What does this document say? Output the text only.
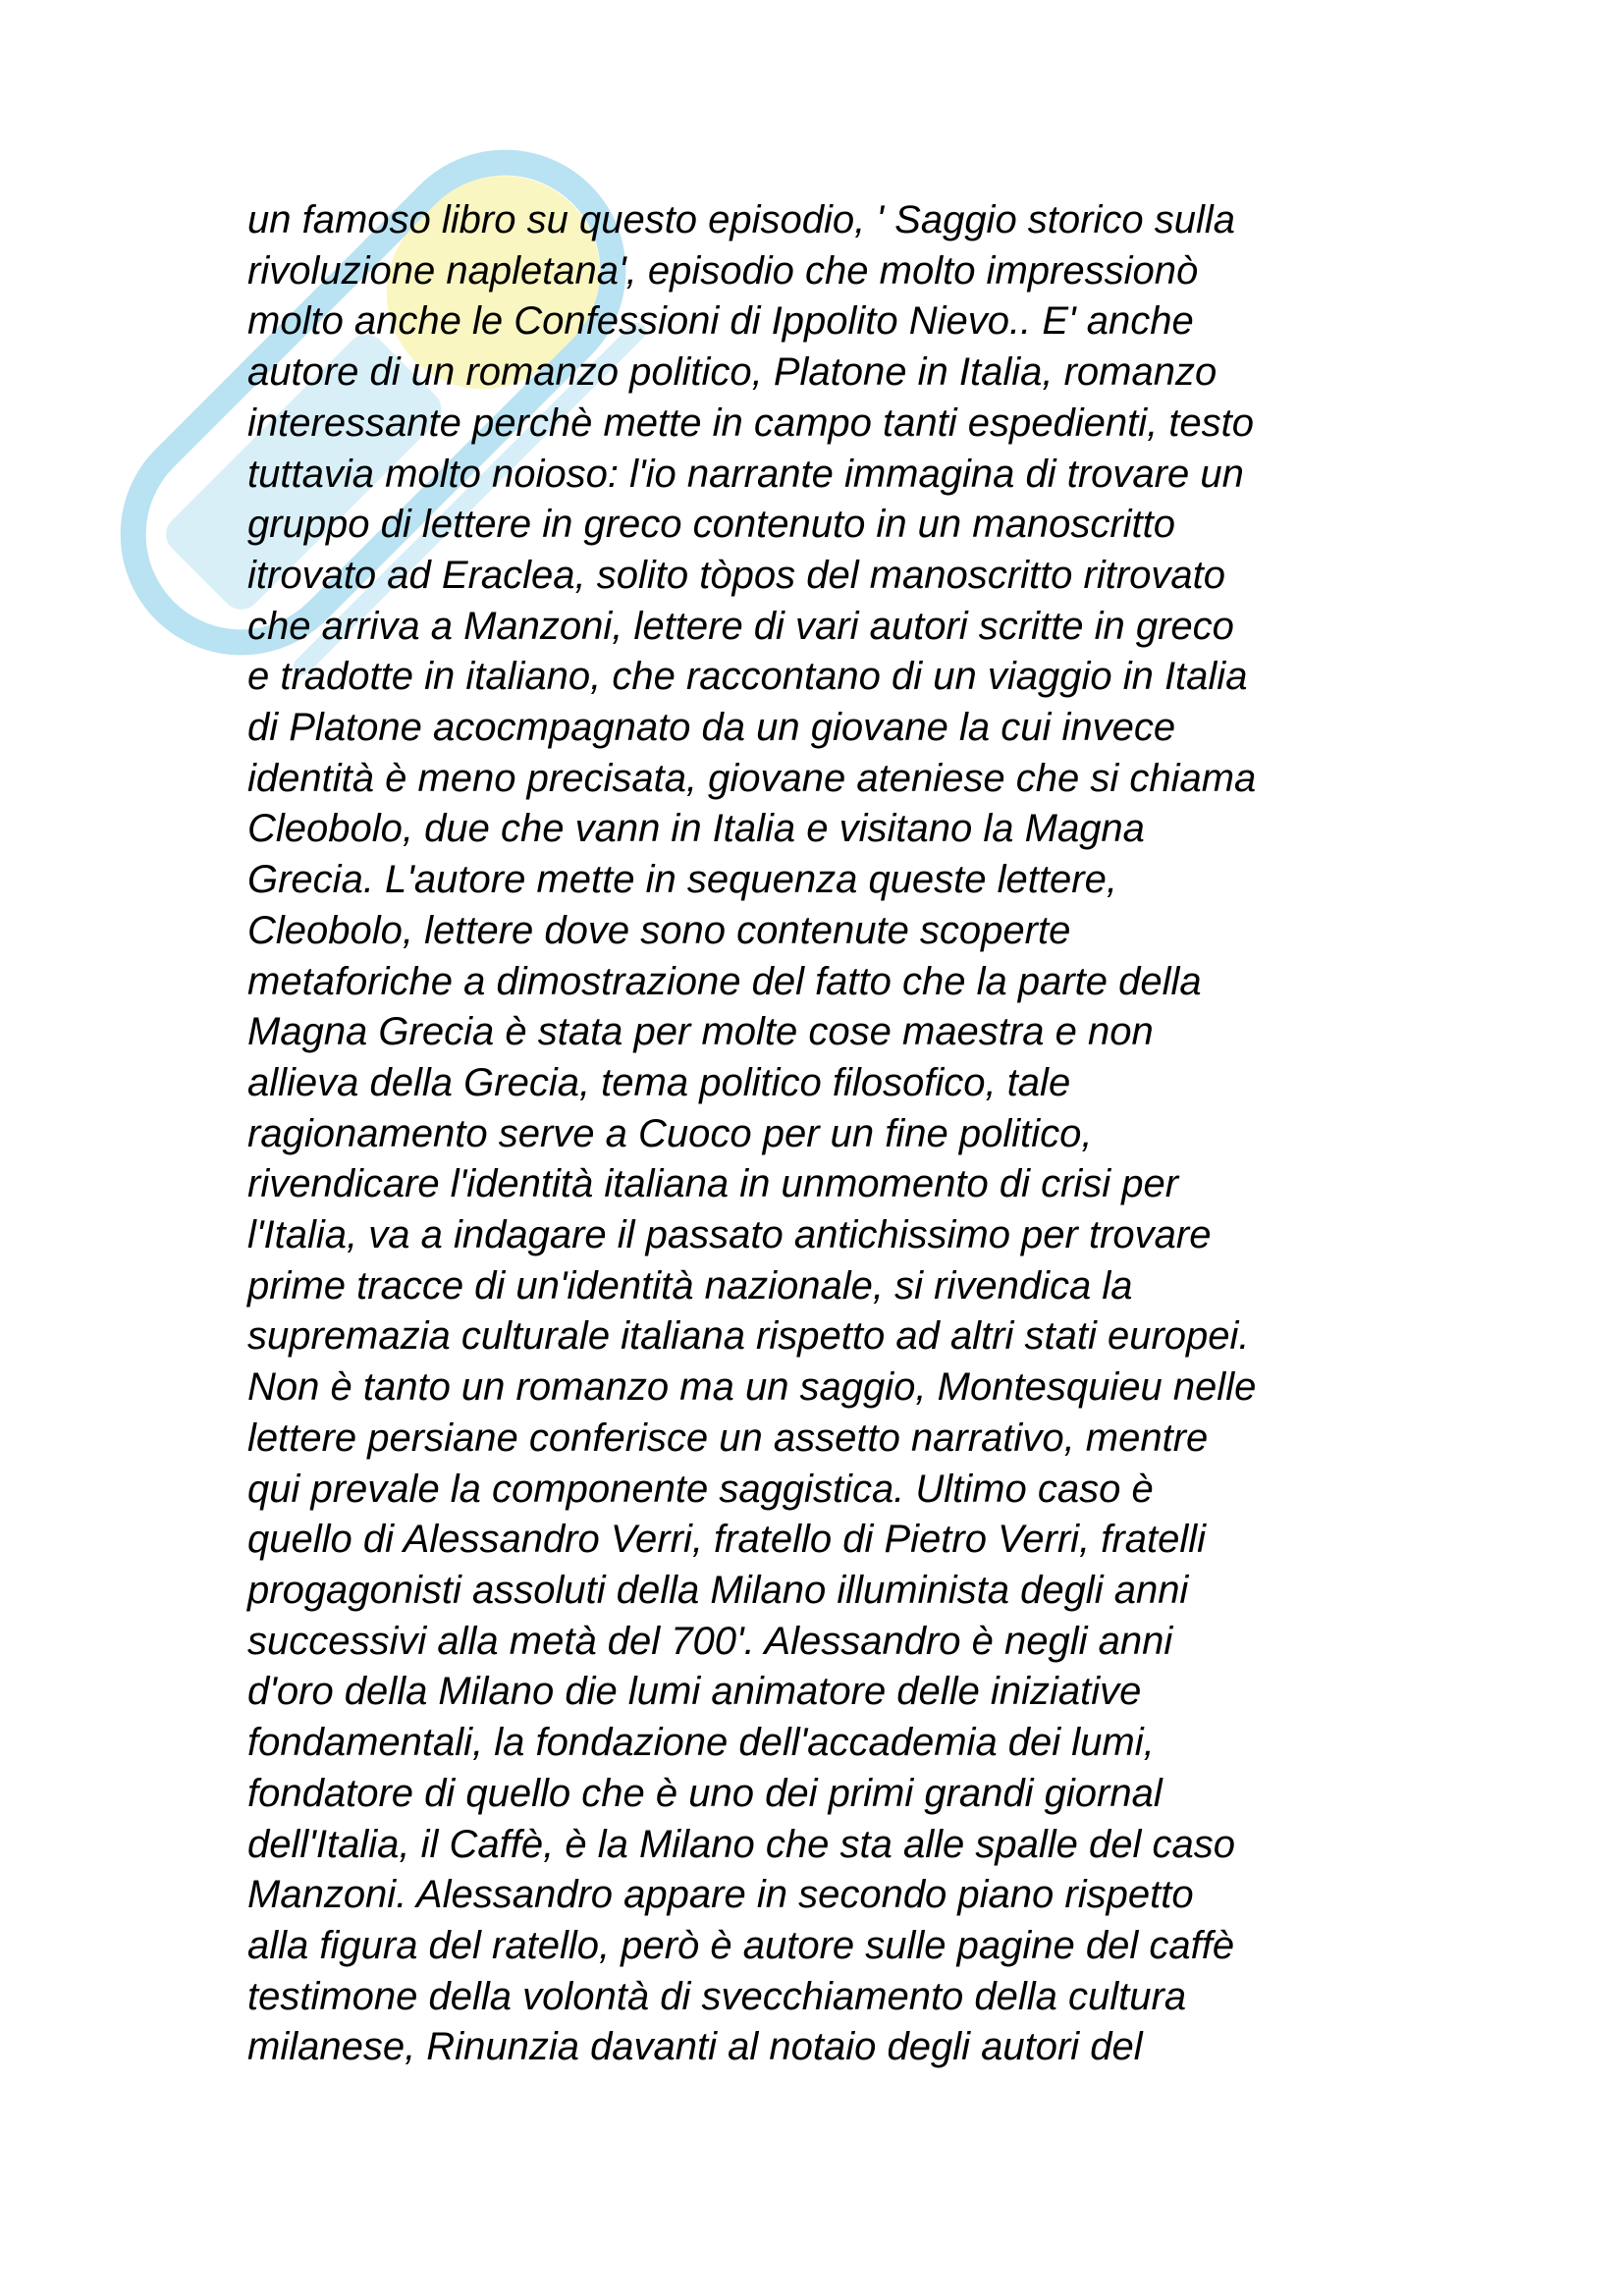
un famoso libro su questo episodio, ' Saggio storico sulla
rivoluzione napletana', episodio che molto impressionò
molto anche le Confessioni di Ippolito Nievo.. E' anche
autore di un romanzo politico, Platone in Italia, romanzo
interessante perchè mette in campo tanti espedienti, testo
tuttavia molto noioso: l'io narrante immagina di trovare un
gruppo di lettere in greco contenuto in un manoscritto
itrovato ad Eraclea, solito tòpos del manoscritto ritrovato
che arriva a Manzoni, lettere di vari autori scritte in greco
e tradotte in italiano, che raccontano di un viaggio in Italia
di Platone acocmpagnato da un giovane la cui invece
identità è meno precisata, giovane ateniese che si chiama
Cleobolo, due che vann in Italia e visitano la Magna
Grecia. L'autore mette in sequenza queste lettere,
Cleobolo, lettere dove sono contenute scoperte
metaforiche a dimostrazione del fatto che la parte della
Magna Grecia è stata per molte cose maestra e non
allieva della Grecia, tema politico filosofico, tale
ragionamento serve a Cuoco per un fine politico,
rivendicare l'identità italiana in unmomento di crisi per
l'Italia, va a indagare il passato antichissimo per trovare
prime tracce di un'identità nazionale, si rivendica la
supremazia culturale italiana rispetto ad altri stati europei.
Non è tanto un romanzo ma un saggio, Montesquieu nelle
lettere persiane conferisce un assetto narrativo, mentre
qui prevale la componente saggistica. Ultimo caso è
quello di Alessandro Verri, fratello di Pietro Verri, fratelli
progagonisti assoluti della Milano illuminista degli anni
successivi alla metà del 700'. Alessandro è negli anni
d'oro della Milano die lumi animatore delle iniziative
fondamentali, la fondazione dell'accademia dei lumi,
fondatore di quello che è uno dei primi grandi giornal
dell'Italia, il Caffè, è la Milano che sta alle spalle del caso
Manzoni. Alessandro appare in secondo piano rispetto
alla figura del ratello, però è autore sulle pagine del caffè
testimone della volontà di svecchiamento della cultura
milanese, Rinunzia davanti al notaio degli autori del
